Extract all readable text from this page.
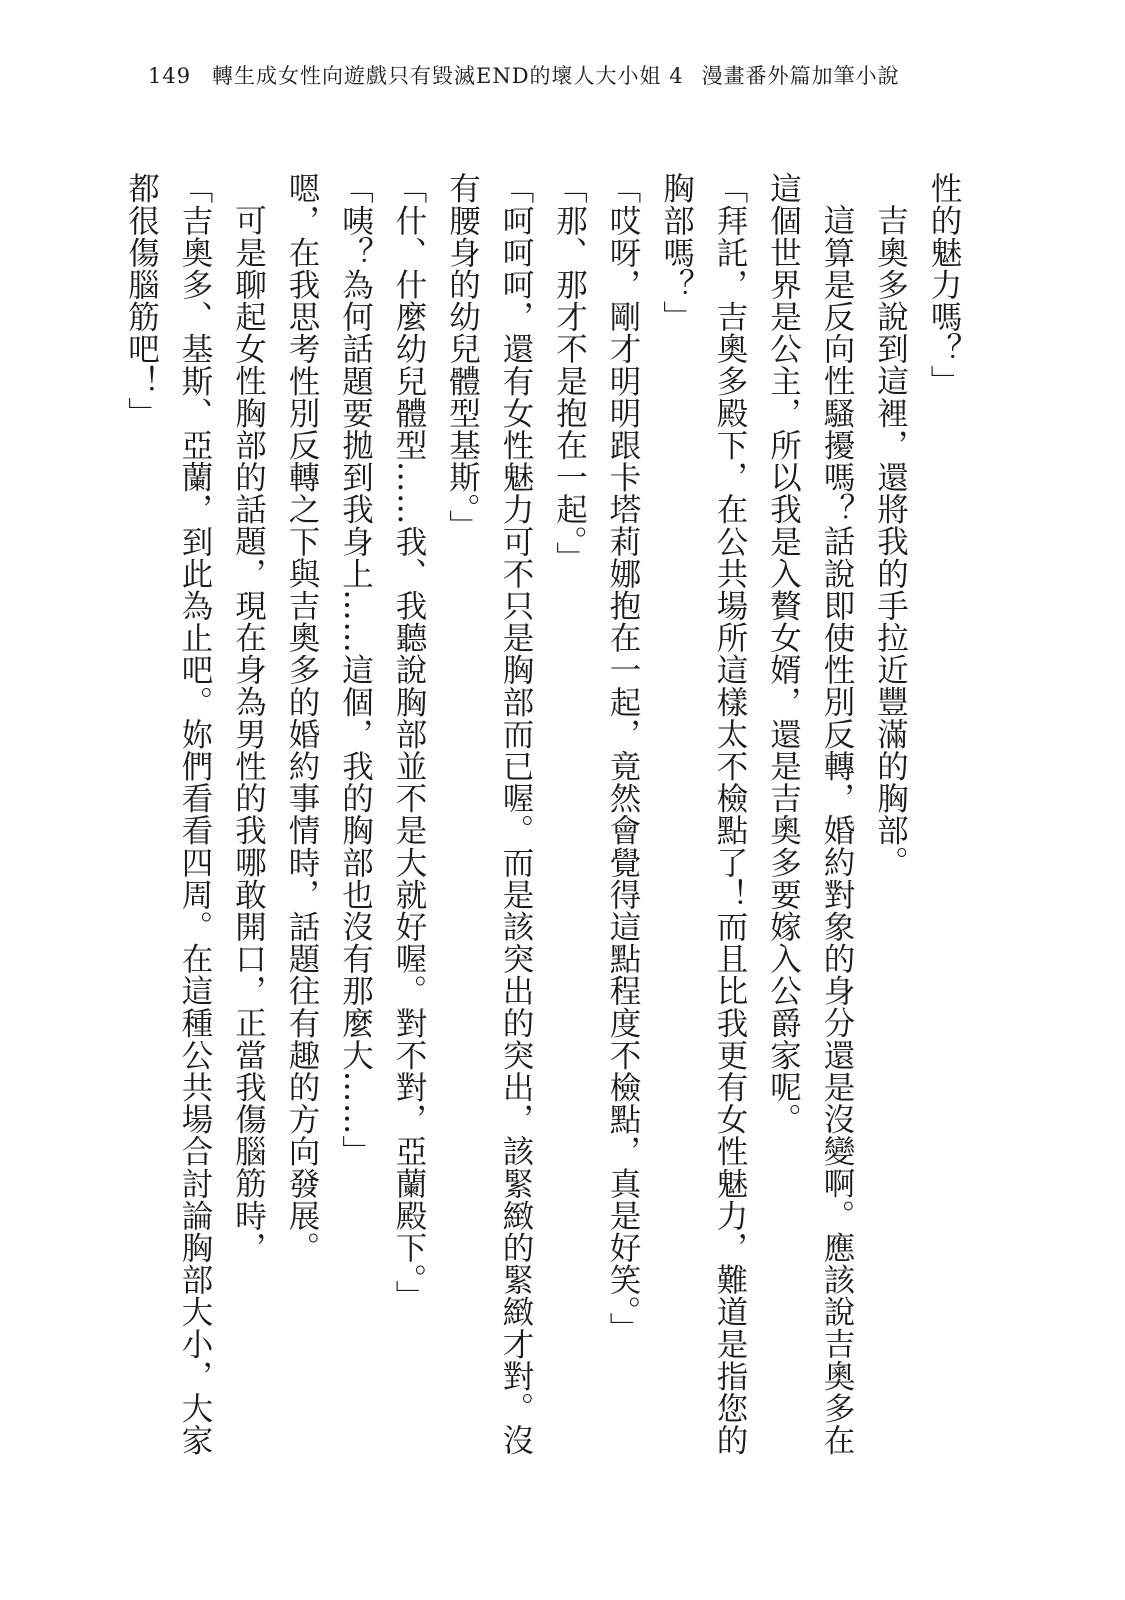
149 轉生成女性向遊戲只有毀滅END的壞人大小姐 4 漫畫番外篇加筆小說

性的魅力嗎？」

吉奧多說到這裡，還將我的手拉近豐滿的胸部。

這算是反向性騷擾嗎？話說即使性別反轉，婚約對象的身分還是沒變啊。應該說吉奧多在這個世界是公主，所以我是入贅女婿，還是吉奧多要嫁入公爵家呢。

「拜託，吉奧多殿下，在公共場所這樣太不檢點了！而且比我更有女性魅力，難道是指您的胸部嗎？」

「哎呀，剛才明明跟卡塔莉娜抱在一起，竟然會覺得這點程度不檢點，真是好笑。」

「那、那才不是抱在一起。」

「呵呵呵，還有女性魅力可不只是胸部而已喔。而是該突出的突出，該緊緻的緊緻才對。沒有腰身的幼兒體型基斯。」

「什、什麼幼兒體型……我、我聽說胸部並不是大就好喔。對不對，亞蘭殿下。」

「咦？為何話題要拋到我身上……這個，我的胸部也沒有那麼大……」

嗯，在我思考性別反轉之下與吉奧多的婚約事情時，話題往有趣的方向發展。

可是聊起女性胸部的話題，現在身為男性的我哪敢開口，正當我傷腦筋時，

「吉奧多、基斯、亞蘭，到此為止吧。妳們看看四周。在這種公共場合討論胸部大小，大家都很傷腦筋吧！」
